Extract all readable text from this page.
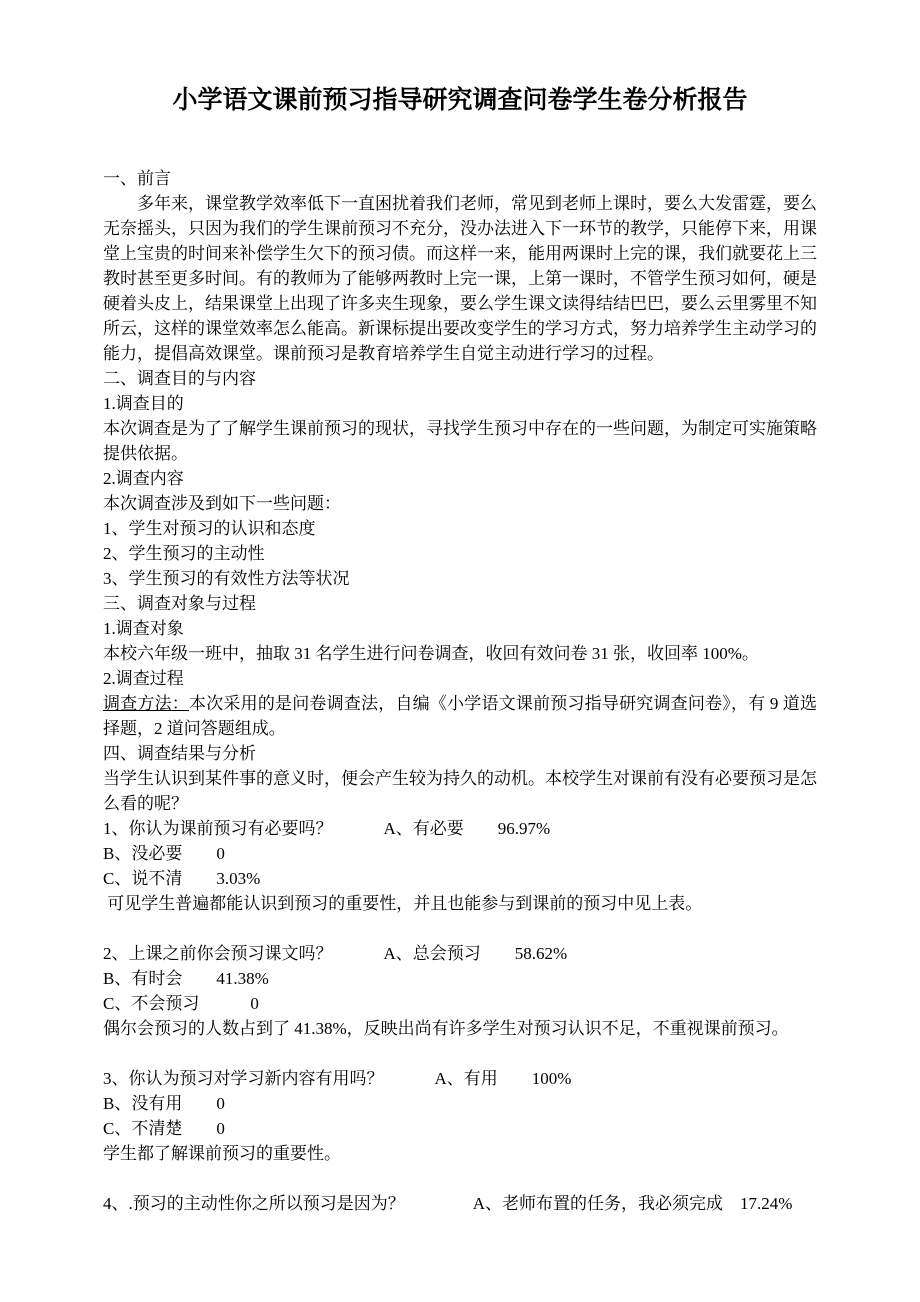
小学语文课前预习指导研究调查问卷学生卷分析报告
一、前言
多年来，课堂教学效率低下一直困扰着我们老师，常见到老师上课时，要么大发雷霆，要么无奈摇头，只因为我们的学生课前预习不充分，没办法进入下一环节的教学，只能停下来，用课堂上宝贵的时间来补偿学生欠下的预习债。而这样一来，能用两课时上完的课，我们就要花上三教时甚至更多时间。有的教师为了能够两教时上完一课，上第一课时，不管学生预习如何，硬是硬着头皮上，结果课堂上出现了许多夹生现象，要么学生课文读得结结巴巴，要么云里雾里不知所云，这样的课堂效率怎么能高。新课标提出要改变学生的学习方式，努力培养学生主动学习的能力，提倡高效课堂。课前预习是教育培养学生自觉主动进行学习的过程。
二、调查目的与内容
1.调查目的
本次调查是为了了解学生课前预习的现状，寻找学生预习中存在的一些问题，为制定可实施策略提供依据。
2.调查内容
本次调查涉及到如下一些问题：
1、学生对预习的认识和态度
2、学生预习的主动性
3、学生预习的有效性方法等状况
三、调查对象与过程
1.调查对象
本校六年级一班中，抽取 31 名学生进行问卷调查，收回有效问卷 31 张，收回率 100%。
2.调查过程
调查方法：本次采用的是问卷调查法，自编《小学语文课前预习指导研究调查问卷》，有 9 道选择题，2 道问答题组成。
四、调查结果与分析
当学生认识到某件事的意义时，便会产生较为持久的动机。本校学生对课前有没有必要预习是怎么看的呢？
1、你认为课前预习有必要吗？　　　A、有必要　　96.97%
B、没必要　　0
C、说不清　　3.03%
可见学生普遍都能认识到预习的重要性，并且也能参与到课前的预习中见上表。
2、上课之前你会预习课文吗？　　　A、总会预习　　58.62%
B、有时会　　41.38%
C、不会预习　　　0
偶尔会预习的人数占到了 41.38%，反映出尚有许多学生对预习认识不足，不重视课前预习。
3、你认为预习对学习新内容有用吗？　　　A、有用　　100%
B、没有用　　0
C、不清楚　　0
学生都了解课前预习的重要性。
4、.预习的主动性你之所以预习是因为？　　　　A、老师布置的任务，我必须完成　17.24%
